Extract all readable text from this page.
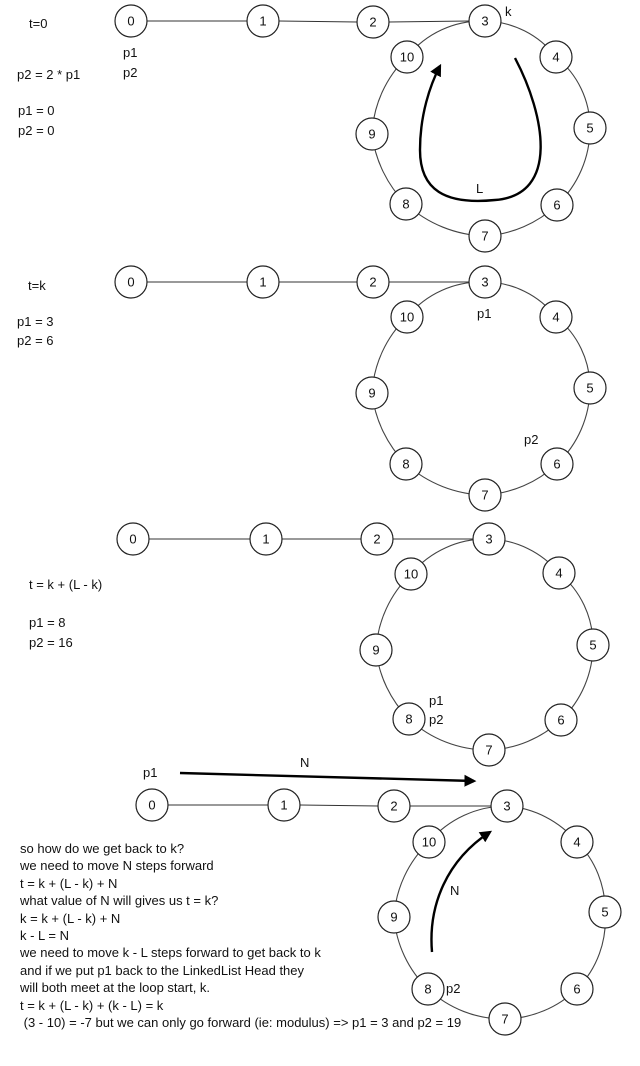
0	1	2	3
4
5
6
7
8
9
10
0	1	2	3
4
5
6
7
8
9
10
0	1	2	3
4
5
6
7
8
9
10
0	1	2	3
4
5
6
7
8
9
10
p1
p2
k
L
p1
p2
p1
p2
p1
p2
N
N
t=0
p2 = 2 * p1
p1 = 0
p2 = 0
t=k
p1 = 3
p2 = 6
t = k + (L - k)
p1 = 8
p2 = 16
so how do we get back to k?
we need to move N steps forward
t = k + (L - k) + N
what value of N will gives us t = k?
k = k + (L - k) + N
k - L = N
we need to move k - L steps forward to get back to k
and if we put p1 back to the LinkedList Head they
will both meet at the loop start, k.
t = k + (L - k) + (k - L) = k
(3 - 10) = -7 but we can only go forward (ie: modulus) => p1 = 3 and p2 = 19
